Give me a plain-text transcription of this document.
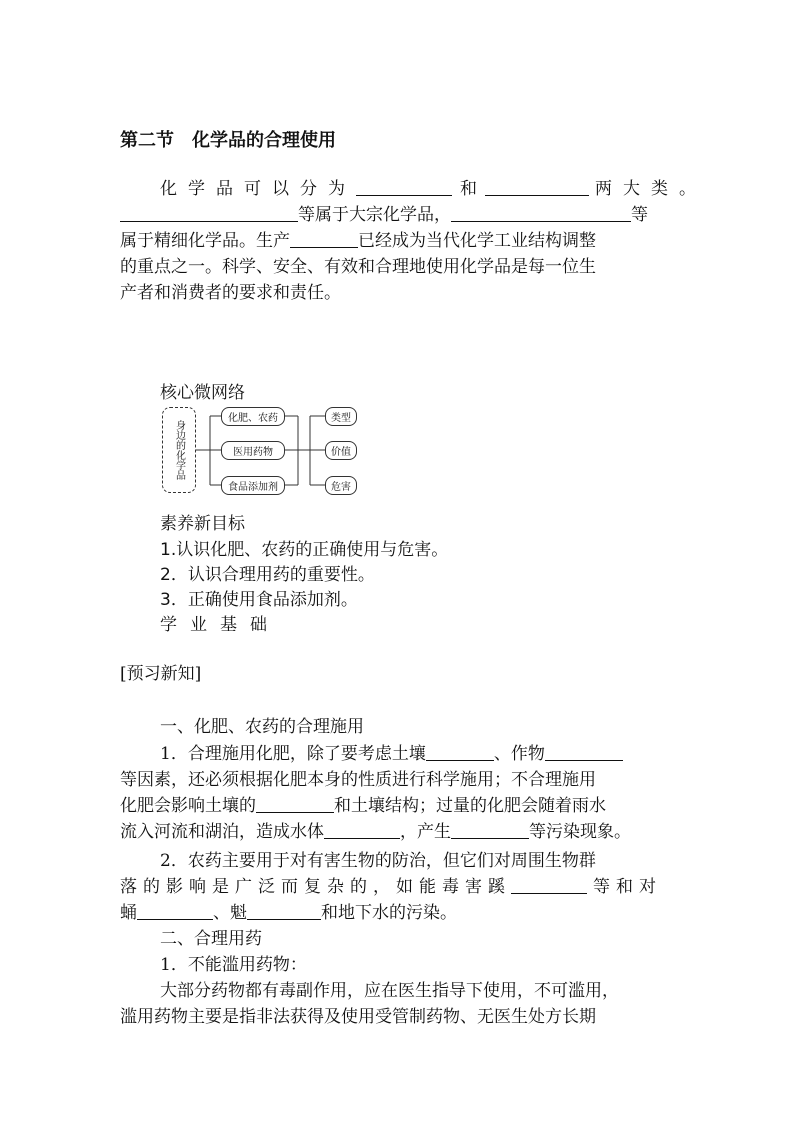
第二节　化学品的合理使用
化学品可以分为	和	两大类。
等属于大宗化学品，	等
属于精细化学品。生产	已经成为当代化学工业结构调整
的重点之一。科学、安全、有效和合理地使用化学品是每一位生
产者和消费者的要求和责任。
核心微网络
身边的化学品
化肥、农药
医用药物
食品添加剂
类型
价值
危害
素养新目标
1.认识化肥、农药的正确使用与危害。
2．认识合理用药的重要性。
3．正确使用食品添加剂。
学业基础
[预习新知]
一、化肥、农药的合理施用
1．合理施用化肥，除了要考虑土壤	、作物
等因素，还必须根据化肥本身的性质进行科学施用；不合理施用
化肥会影响土壤的	和土壤结构；过量的化肥会随着雨水
流入河流和湖泊，造成水体	，产生	等污染现象。
2．农药主要用于对有害生物的防治，但它们对周围生物群
落的影响是广泛而复杂的，如能毒害蹊	等和对
蛹	、魁	和地下水的污染。
二、合理用药
1．不能滥用药物：
大部分药物都有毒副作用，应在医生指导下使用，不可滥用，
滥用药物主要是指非法获得及使用受管制药物、无医生处方长期
